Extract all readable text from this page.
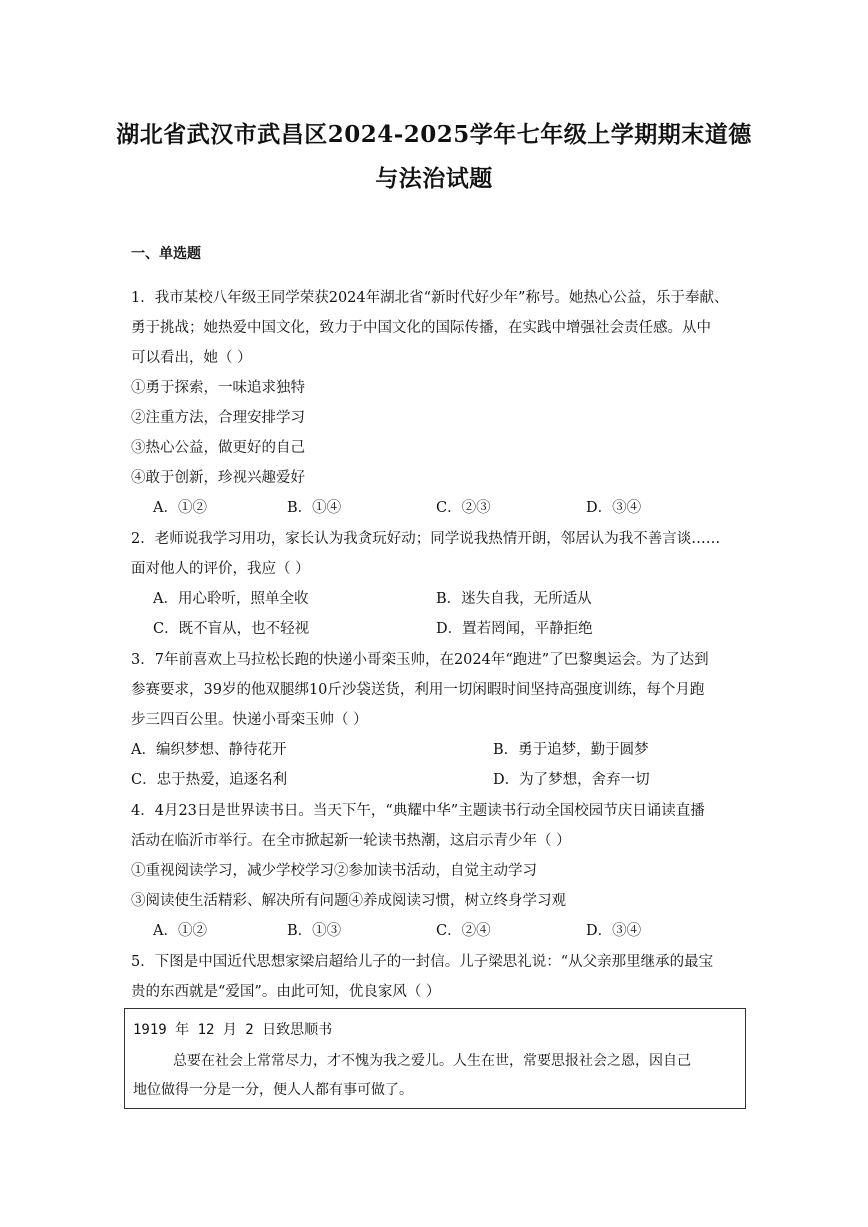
湖北省武汉市武昌区2024-2025学年七年级上学期期末道德
与法治试题
一、单选题
1．我市某校八年级王同学荣获2024年湖北省“新时代好少年”称号。她热心公益，乐于奉献、
勇于挑战；她热爱中国文化，致力于中国文化的国际传播，在实践中增强社会责任感。从中
可以看出，她（ ）
①勇于探索，一味追求独特
②注重方法，合理安排学习
③热心公益，做更好的自己
④敢于创新，珍视兴趣爱好
A．①②	B．①④	C．②③	D．③④
2．老师说我学习用功，家长认为我贪玩好动；同学说我热情开朗，邻居认为我不善言谈……
面对他人的评价，我应（ ）
A．用心聆听，照单全收	B．迷失自我，无所适从
C．既不盲从，也不轻视	D．置若罔闻，平静拒绝
3．7年前喜欢上马拉松长跑的快递小哥栾玉帅，在2024年“跑进”了巴黎奥运会。为了达到
参赛要求，39岁的他双腿绑10斤沙袋送货，利用一切闲暇时间坚持高强度训练，每个月跑
步三四百公里。快递小哥栾玉帅（ ）
A．编织梦想、静待花开	B．勇于追梦，勤于圆梦
C．忠于热爱，追逐名利	D．为了梦想，舍弃一切
4．4月23日是世界读书日。当天下午，“典耀中华”主题读书行动全国校园节庆日诵读直播
活动在临沂市举行。在全市掀起新一轮读书热潮，这启示青少年（ ）
①重视阅读学习，减少学校学习②参加读书活动，自觉主动学习
③阅读使生活精彩、解决所有问题④养成阅读习惯，树立终身学习观
A．①②	B．①③	C．②④	D．③④
5．下图是中国近代思想家梁启超给儿子的一封信。儿子梁思礼说：“从父亲那里继承的最宝
贵的东西就是“爱国”。由此可知，优良家风（ ）
1919 年 12 月 2 日致思顺书
总要在社会上常常尽力，才不愧为我之爱儿。人生在世，常要思报社会之恩，因自己
地位做得一分是一分，便人人都有事可做了。
